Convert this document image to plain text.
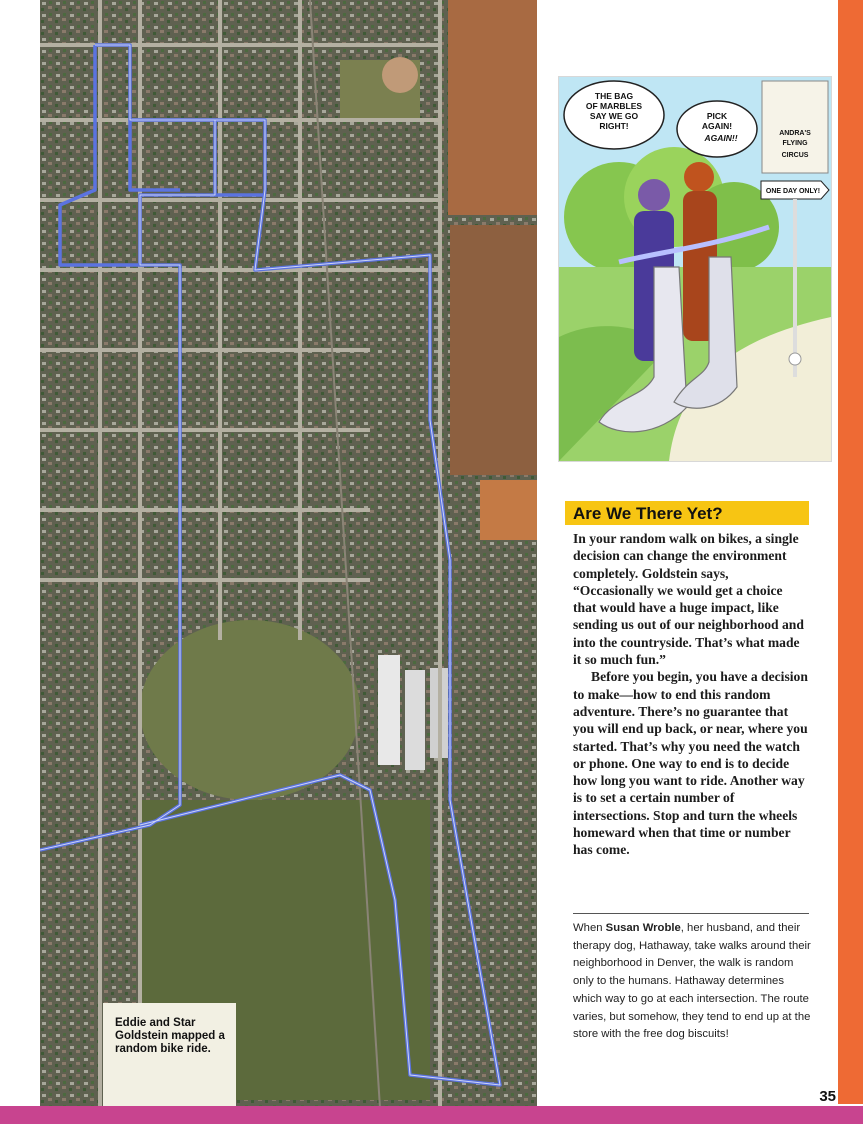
Eddie and Star Goldstein mapped a random bike ride.

THE BAG
OF MARBLES
SAY WE GO
RIGHT!
PICK
AGAIN!
AGAIN!!	ANDRA'S
FLYING
CIRCUS
ONE DAY ONLY!
Are We There Yet?

In your random walk on bikes, a single decision can change the environment completely. Goldstein says, “Occasionally we would get a choice that would have a huge impact, like sending us out of our neighborhood and into the countryside. That’s what made it so much fun.”

Before you begin, you have a decision to make—how to end this random adventure. There’s no guarantee that you will end up back, or near, where you started. That’s why you need the watch or phone. One way to end is to decide how long you want to ride. Another way is to set a certain number of intersections. Stop and turn the wheels homeward when that time or number has come.

When Susan Wroble, her husband, and their therapy dog, Hathaway, take walks around their neighborhood in Denver, the walk is random only to the humans. Hathaway determines which way to go at each intersection. The route varies, but somehow, they tend to end up at the store with the free dog biscuits!
35
